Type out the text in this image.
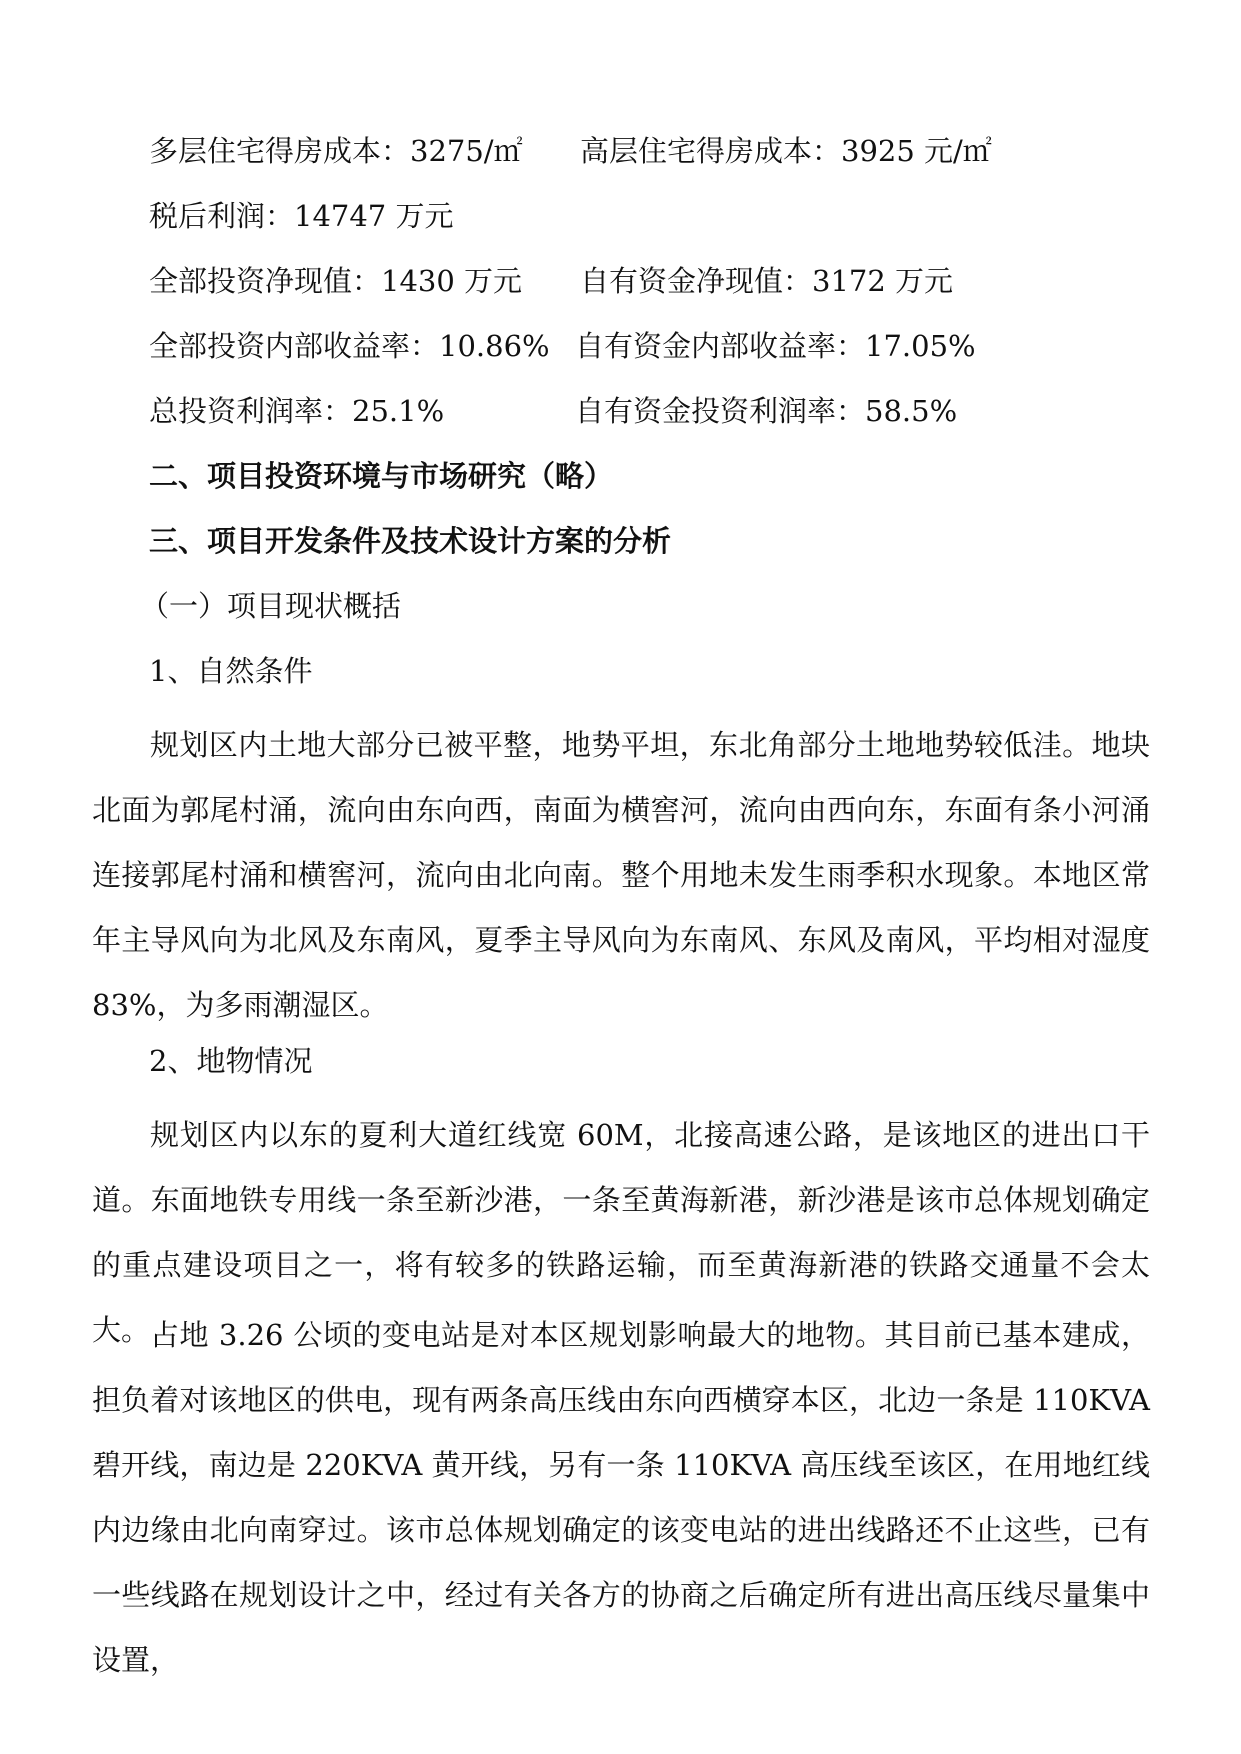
多层住宅得房成本：3275/㎡ 高层住宅得房成本：3925 元/㎡
税后利润：14747 万元
全部投资净现值：1430 万元 自有资金净现值：3172 万元
全部投资内部收益率：10.86% 自有资金内部收益率：17.05%
总投资利润率：25.1%	自有资金投资利润率：58.5%
二、项目投资环境与市场研究（略）
三、项目开发条件及技术设计方案的分析
（一）项目现状概括
1、自然条件

规划区内土地大部分已被平整，地势平坦，东北角部分土地地势较低洼。地块北面为郭尾村涌，流向由东向西，南面为横窖河，流向由西向东，东面有条小河涌连接郭尾村涌和横窖河，流向由北向南。整个用地未发生雨季积水现象。本地区常年主导风向为北风及东南风，夏季主导风向为东南风、东风及南风，平均相对湿度83%，为多雨潮湿区。

2、地物情况

规划区内以东的夏利大道红线宽 60M，北接高速公路，是该地区的进出口干道。东面地铁专用线一条至新沙港，一条至黄海新港，新沙港是该市总体规划确定的重点建设项目之一，将有较多的铁路运输，而至黄海新港的铁路交通量不会太大。 占地 3.26 公顷的变电站是对本区规划影响最大的地物。其目前已基本建成，担负着对该地区的供电，现有两条高压线由东向西横穿本区，北边一条是 110KVA 碧开线，南边是 220KVA 黄开线，另有一条 110KVA 高压线至该区，在用地红线内边缘由北向南穿过。该市总体规划确定的该变电站的进出线路还不止这些，已有一些线路在规划设计之中，经过有关各方的协商之后确定所有进出高压线尽量集中设置，
